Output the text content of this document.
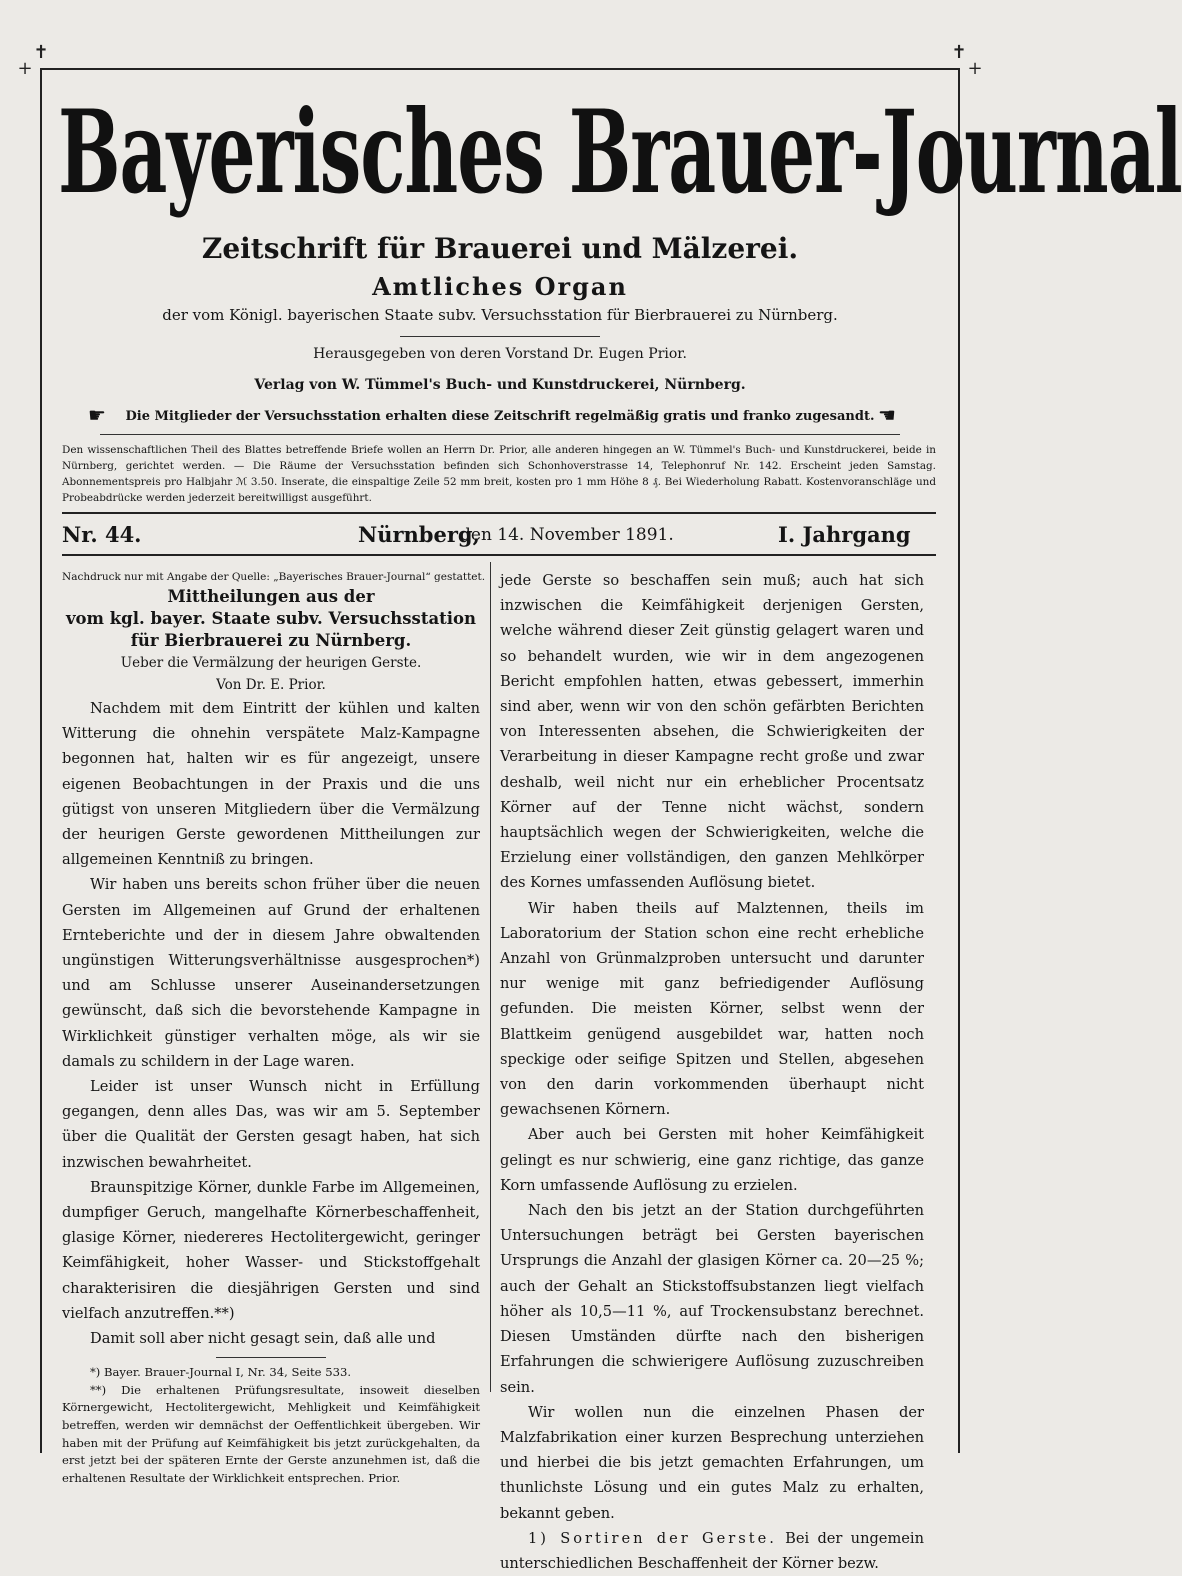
✝	✝
+	+
Bayerisches Brauer-Journal
Zeitschrift für Brauerei und Mälzerei.
Amtliches Organ
der vom Königl. bayerischen Staate subv. Versuchsstation für Bierbrauerei zu Nürnberg.
Herausgegeben von deren Vorstand Dr. Eugen Prior.
Verlag von W. Tümmel's Buch- und Kunstdruckerei, Nürnberg.
☛	Die Mitglieder der Versuchsstation erhalten diese Zeitschrift regelmäßig gratis und franko zugesandt. ☚
Den wissenschaftlichen Theil des Blattes betreffende Briefe wollen an Herrn Dr. Prior, alle anderen hingegen an W. Tümmel's Buch- und Kunstdruckerei, beide in Nürnberg, gerichtet werden. — Die Räume der Versuchsstation befinden sich Schonhoverstrasse 14, Telephonruf Nr. 142. Erscheint jeden Samstag. Abonnementspreis pro Halbjahr ℳ 3.50. Inserate, die einspaltige Zeile 52 mm breit, kosten pro 1 mm Höhe 8 ₰. Bei Wiederholung Rabatt. Kostenvoranschläge und Probeabdrücke werden jederzeit bereitwilligst ausgeführt.
Nr. 44.	Nürnberg,
den 14. November 1891.	I. Jahrgang
Nachdruck nur mit Angabe der Quelle: „Bayerisches Brauer-Journal“ gestattet.
Mittheilungen aus der
vom kgl. bayer. Staate subv. Versuchsstation
für Bierbrauerei zu Nürnberg.
Ueber die Vermälzung der heurigen Gerste.
Von Dr. E. Prior.

Nachdem mit dem Eintritt der kühlen und kalten Witterung die ohnehin verspätete Malz-Kampagne begonnen hat, halten wir es für angezeigt, unsere eigenen Beobachtungen in der Praxis und die uns gütigst von unseren Mitgliedern über die Vermälzung der heurigen Gerste gewordenen Mittheilungen zur allgemeinen Kenntniß zu bringen.

Wir haben uns bereits schon früher über die neuen Gersten im Allgemeinen auf Grund der erhaltenen Ernteberichte und der in diesem Jahre obwaltenden ungünstigen Witterungsverhältnisse ausgesprochen*) und am Schlusse unserer Auseinandersetzungen gewünscht, daß sich die bevorstehende Kampagne in Wirklichkeit günstiger verhalten möge, als wir sie damals zu schildern in der Lage waren.

Leider ist unser Wunsch nicht in Erfüllung gegangen, denn alles Das, was wir am 5. September über die Qualität der Gersten gesagt haben, hat sich inzwischen bewahrheitet.

Braunspitzige Körner, dunkle Farbe im Allgemeinen, dumpfiger Geruch, mangelhafte Körnerbeschaffenheit, glasige Körner, niedereres Hectolitergewicht, geringer Keimfähigkeit, hoher Wasser- und Stickstoffgehalt charakterisiren die diesjährigen Gersten und sind vielfach anzutreffen.**)

Damit soll aber nicht gesagt sein, daß alle und

*) Bayer. Brauer-Journal I, Nr. 34, Seite 533.

**) Die erhaltenen Prüfungsresultate, insoweit dieselben Körnergewicht, Hectolitergewicht, Mehligkeit und Keimfähigkeit betreffen, werden wir demnächst der Oeffentlichkeit übergeben. Wir haben mit der Prüfung auf Keimfähigkeit bis jetzt zurückgehalten, da erst jetzt bei der späteren Ernte der Gerste anzunehmen ist, daß die erhaltenen Resultate der Wirklichkeit entsprechen. Prior.

jede Gerste so beschaffen sein muß; auch hat sich inzwischen die Keimfähigkeit derjenigen Gersten, welche während dieser Zeit günstig gelagert waren und so behandelt wurden, wie wir in dem angezogenen Bericht empfohlen hatten, etwas gebessert, immerhin sind aber, wenn wir von den schön gefärbten Berichten von Interessenten absehen, die Schwierigkeiten der Verarbeitung in dieser Kampagne recht große und zwar deshalb, weil nicht nur ein erheblicher Procentsatz Körner auf der Tenne nicht wächst, sondern hauptsächlich wegen der Schwierigkeiten, welche die Erzielung einer vollständigen, den ganzen Mehlkörper des Kornes umfassenden Auflösung bietet.

Wir haben theils auf Malztennen, theils im Laboratorium der Station schon eine recht erhebliche Anzahl von Grünmalzproben untersucht und darunter nur wenige mit ganz befriedigender Auflösung gefunden. Die meisten Körner, selbst wenn der Blattkeim genügend ausgebildet war, hatten noch speckige oder seifige Spitzen und Stellen, abgesehen von den darin vorkommenden überhaupt nicht gewachsenen Körnern.

Aber auch bei Gersten mit hoher Keimfähigkeit gelingt es nur schwierig, eine ganz richtige, das ganze Korn umfassende Auflösung zu erzielen.

Nach den bis jetzt an der Station durchgeführten Untersuchungen beträgt bei Gersten bayerischen Ursprungs die Anzahl der glasigen Körner ca. 20—25 %; auch der Gehalt an Stickstoffsubstanzen liegt vielfach höher als 10,5—11 %, auf Trockensubstanz berechnet. Diesen Umständen dürfte nach den bisherigen Erfahrungen die schwierigere Auflösung zuzuschreiben sein.

Wir wollen nun die einzelnen Phasen der Malzfabrikation einer kurzen Besprechung unterziehen und hierbei die bis jetzt gemachten Erfahrungen, um thunlichste Lösung und ein gutes Malz zu erhalten, bekannt geben.

1) Sortiren der Gerste. Bei der ungemein unterschiedlichen Beschaffenheit der Körner bezw.
